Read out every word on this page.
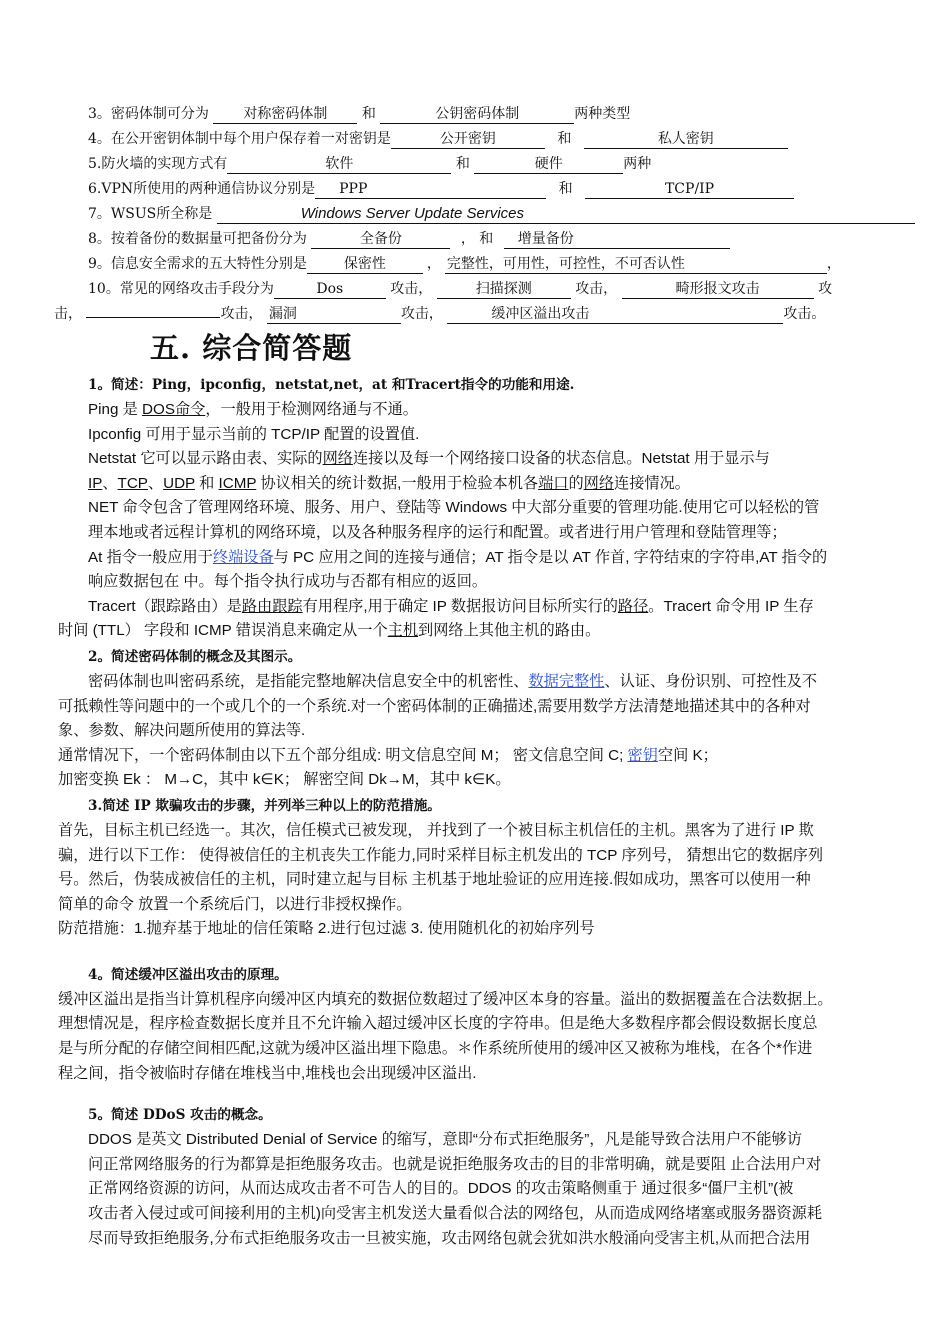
3。密码体制可分为 对称密码体制 和	公钥密码体制	两种类型
4。在公开密钥体制中每个用户保存着一对密钥是	公开密钥	和	私人密钥
5.防火墙的实现方式有	软件	和	硬件	两种
6.VPN所使用的两种通信协议分别是 PPP	和	TCP/IP
7。WSUS所全称是	Windows Server Update Services
8。按着备份的数据量可把备份分为	全备份	， 和 增量备份
9。信息安全需求的五大特性分别是	保密性	， 完整性，可用性，可控性，不可否认性	，
10。常见的网络攻击手段分为	Dos	攻击，	扫描探测	攻击，	畸形报文攻击	攻
击，	攻击， 漏洞	攻击，	缓冲区溢出攻击	攻击。
五. 综合简答题

1。简述：Ping，ipconfig，netstat,net，at 和Tracert指令的功能和用途.

Ping 是 DOS命令，一般用于检测网络通与不通。

Ipconfig 可用于显示当前的 TCP/IP 配置的设置值.

Netstat 它可以显示路由表、实际的网络连接以及每一个网络接口设备的状态信息。Netstat 用于显示与

IP、TCP、UDP 和 ICMP 协议相关的统计数据,一般用于检验本机各端口的网络连接情况。

NET 命令包含了管理网络环境、服务、用户、登陆等 Windows 中大部分重要的管理功能.使用它可以轻松的管

理本地或者远程计算机的网络环境，以及各种服务程序的运行和配置。或者进行用户管理和登陆管理等；

At 指令一般应用于终端设备与 PC 应用之间的连接与通信；AT 指令是以 AT 作首, 字符结束的字符串,AT 指令的

响应数据包在 中。每个指令执行成功与否都有相应的返回。

Tracert（跟踪路由）是路由跟踪有用程序,用于确定 IP 数据报访问目标所实行的路径。Tracert 命令用 IP 生存

时间 (TTL） 字段和 ICMP 错误消息来确定从一个主机到网络上其他主机的路由。

2。简述密码体制的概念及其图示。

密码体制也叫密码系统，是指能完整地解决信息安全中的机密性、数据完整性、认证、身份识别、可控性及不

可抵赖性等问题中的一个或几个的一个系统.对一个密码体制的正确描述,需要用数学方法清楚地描述其中的各种对

象、参数、解决问题所使用的算法等.

通常情况下，一个密码体制由以下五个部分组成: 明文信息空间 M； 密文信息空间 C; 密钥空间 K；

加密变换 Ek ： M→C，其中 k∈K； 解密空间 Dk→M，其中 k∈K。

3.简述 IP 欺骗攻击的步骤，并列举三种以上的防范措施。

首先，目标主机已经选一。其次，信任模式已被发现， 并找到了一个被目标主机信任的主机。黑客为了进行 IP 欺

骗，进行以下工作： 使得被信任的主机丧失工作能力,同时采样目标主机发出的 TCP 序列号， 猜想出它的数据序列

号。然后，伪装成被信任的主机，同时建立起与目标 主机基于地址验证的应用连接.假如成功，黑客可以使用一种

简单的命令 放置一个系统后门，以进行非授权操作。

防范措施：1.抛弃基于地址的信任策略 2.进行包过滤 3. 使用随机化的初始序列号

4。简述缓冲区溢出攻击的原理。

缓冲区溢出是指当计算机程序向缓冲区内填充的数据位数超过了缓冲区本身的容量。溢出的数据覆盖在合法数据上。

理想情况是，程序检查数据长度并且不允许输入超过缓冲区长度的字符串。但是绝大多数程序都会假设数据长度总

是与所分配的存储空间相匹配,这就为缓冲区溢出埋下隐患。＊作系统所使用的缓冲区又被称为堆栈，在各个*作进

程之间，指令被临时存储在堆栈当中,堆栈也会出现缓冲区溢出.

5。简述 DDoS 攻击的概念。

DDOS 是英文 Distributed Denial of Service 的缩写，意即“分布式拒绝服务”，凡是能导致合法用户不能够访

问正常网络服务的行为都算是拒绝服务攻击。也就是说拒绝服务攻击的目的非常明确，就是要阻 止合法用户对

正常网络资源的访问，从而达成攻击者不可告人的目的。DDOS 的攻击策略侧重于 通过很多“僵尸主机”(被

攻击者入侵过或可间接利用的主机)向受害主机发送大量看似合法的网络包，从而造成网络堵塞或服务器资源耗

尽而导致拒绝服务,分布式拒绝服务攻击一旦被实施，攻击网络包就会犹如洪水般涌向受害主机,从而把合法用
